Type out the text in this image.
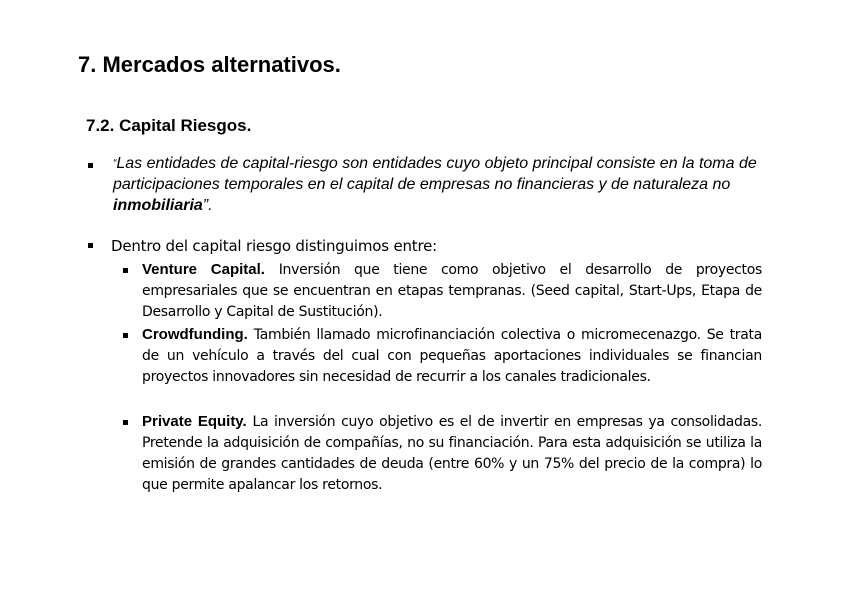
7. Mercados alternativos.
7.2. Capital Riesgos.

“Las entidades de capital-riesgo son entidades cuyo objeto principal consiste en la toma de participaciones temporales en el capital de empresas no financieras y de naturaleza no inmobiliaria”.

Dentro del capital riesgo distinguimos entre:

Venture Capital. Inversión que tiene como objetivo el desarrollo de proyectos empresariales que se encuentran en etapas tempranas. (Seed capital, Start-Ups, Etapa de Desarrollo y Capital de Sustitución).

Crowdfunding. También llamado microfinanciación colectiva o micromecenazgo. Se trata de un vehículo a través del cual con pequeñas aportaciones individuales se financian proyectos innovadores sin necesidad de recurrir a los canales tradicionales.

Private Equity. La inversión cuyo objetivo es el de invertir en empresas ya consolidadas. Pretende la adquisición de compañías, no su financiación. Para esta adquisición se utiliza la emisión de grandes cantidades de deuda (entre 60% y un 75% del precio de la compra) lo que permite apalancar los retornos.
